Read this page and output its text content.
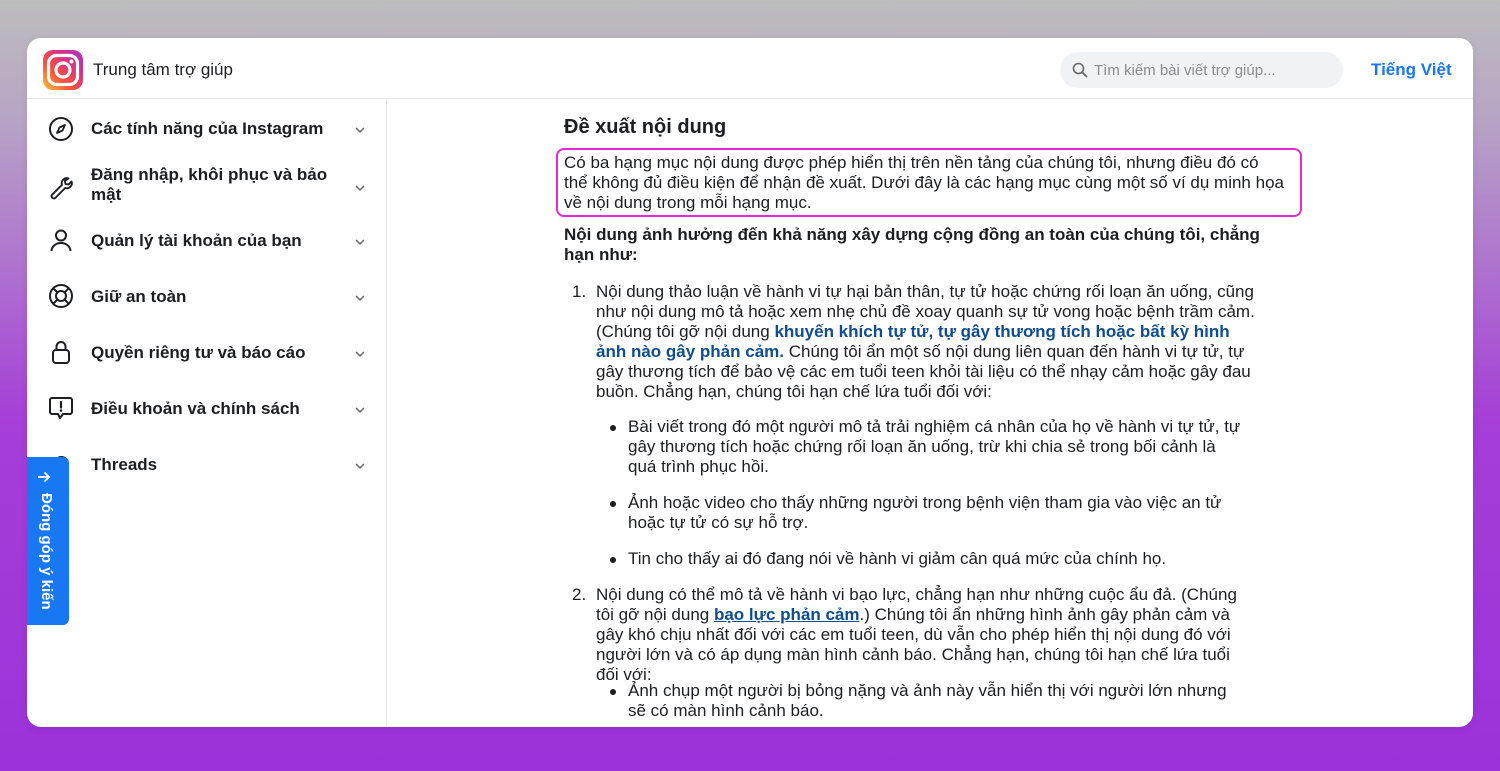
Trung tâm trợ giúp	Tìm kiếm bài viết trợ giúp...	Tiếng Việt
Các tính năng của Instagram
Đăng nhập, khôi phục và bảo mật
Quản lý tài khoản của bạn
Giữ an toàn
Quyền riêng tư và báo cáo
Điều khoản và chính sách
Threads
Đóng góp ý kiến
Đề xuất nội dung
Có ba hạng mục nội dung được phép hiển thị trên nền tảng của chúng tôi, nhưng điều đó có thể không đủ điều kiện để nhận đề xuất. Dưới đây là các hạng mục cùng một số ví dụ minh họa về nội dung trong mỗi hạng mục.
Nội dung ảnh hưởng đến khả năng xây dựng cộng đồng an toàn của chúng tôi, chẳng hạn như:
1. Nội dung thảo luận về hành vi tự hại bản thân, tự tử hoặc chứng rối loạn ăn uống, cũng như nội dung mô tả hoặc xem nhẹ chủ đề xoay quanh sự tử vong hoặc bệnh trầm cảm. (Chúng tôi gỡ nội dung khuyến khích tự tử, tự gây thương tích hoặc bất kỳ hình ảnh nào gây phản cảm. Chúng tôi ẩn một số nội dung liên quan đến hành vi tự tử, tự gây thương tích để bảo vệ các em tuổi teen khỏi tài liệu có thể nhạy cảm hoặc gây đau buồn. Chẳng hạn, chúng tôi hạn chế lứa tuổi đối với:
Bài viết trong đó một người mô tả trải nghiệm cá nhân của họ về hành vi tự tử, tự gây thương tích hoặc chứng rối loạn ăn uống, trừ khi chia sẻ trong bối cảnh là quá trình phục hồi.
Ảnh hoặc video cho thấy những người trong bệnh viện tham gia vào việc an tử hoặc tự tử có sự hỗ trợ.
Tin cho thấy ai đó đang nói về hành vi giảm cân quá mức của chính họ.
2. Nội dung có thể mô tả về hành vi bạo lực, chẳng hạn như những cuộc ẩu đả. (Chúng tôi gỡ nội dung bạo lực phản cảm.) Chúng tôi ẩn những hình ảnh gây phản cảm và gây khó chịu nhất đối với các em tuổi teen, dù vẫn cho phép hiển thị nội dung đó với người lớn và có áp dụng màn hình cảnh báo. Chẳng hạn, chúng tôi hạn chế lứa tuổi đối với:
Ảnh chụp một người bị bỏng nặng và ảnh này vẫn hiển thị với người lớn nhưng sẽ có màn hình cảnh báo.
